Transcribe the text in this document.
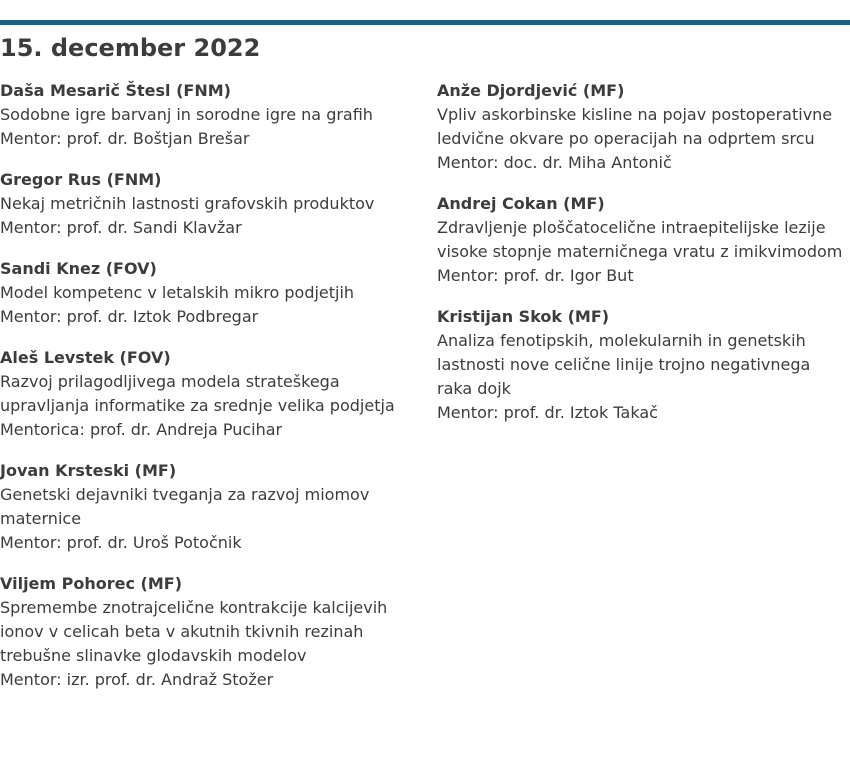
15. december 2022
Daša Mesarič Štesl (FNM)
Sodobne igre barvanj in sorodne igre na grafih
Mentor: prof. dr. Boštjan Brešar
Gregor Rus (FNM)
Nekaj metričnih lastnosti grafovskih produktov
Mentor: prof. dr. Sandi Klavžar
Sandi Knez (FOV)
Model kompetenc v letalskih mikro podjetjih
Mentor: prof. dr. Iztok Podbregar
Aleš Levstek (FOV)
Razvoj prilagodljivega modela strateškega upravljanja informatike za srednje velika podjetja
Mentorica: prof. dr. Andreja Pucihar
Jovan Krsteski (MF)
Genetski dejavniki tveganja za razvoj miomov maternice
Mentor: prof. dr. Uroš Potočnik
Viljem Pohorec (MF)
Spremembe znotrajcelične kontrakcije kalcijevih ionov v celicah beta v akutnih tkivnih rezinah trebušne slinavke glodavskih modelov
Mentor: izr. prof. dr. Andraž Stožer
Anže Djordjević (MF)
Vpliv askorbinske kisline na pojav postoperativne ledvične okvare po operacijah na odprtem srcu
Mentor: doc. dr. Miha Antonič
Andrej Cokan (MF)
Zdravljenje ploščatocelične intraepitelijske lezije visoke stopnje materničnega vratu z imikvimodom
Mentor: prof. dr. Igor But
Kristijan Skok (MF)
Analiza fenotipskih, molekularnih in genetskih lastnosti nove celične linije trojno negativnega raka dojk
Mentor: prof. dr. Iztok Takač
